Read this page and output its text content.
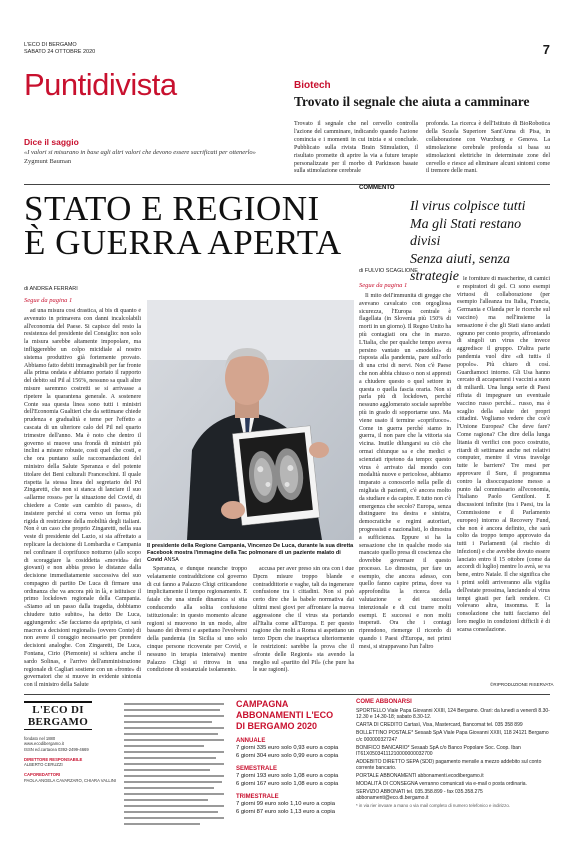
L'ECO DI BERGAMO
SABATO 24 OTTOBRE 2020	7
Puntidivista	Biotech
Trovato il segnale che aiuta a camminare
Dice il saggio
«I valori si misurano in base agli altri valori che devono essere sacrificati per ottenerlo»
Zygmunt Bauman

Trovato il segnale che nel cervello controlla l'azione del camminare, indicando quando l'azione comincia e i momenti in cui inizia e si conclude. Pubblicato sulla rivista Brain Stimulation, il risultato promette di aprire la via a future terapie personalizzate per il morbo di Parkinson basate sulla stimolazione cerebrale

profonda. La ricerca è dell'Istituto di BioRobotica della Scuola Superiore Sant'Anna di Pisa, in collaborazione con Wurzburg e Genova. La stimolazione cerebrale profonda si basa su stimolazioni elettriche in determinate zone del cervello e riesce ad eliminare alcuni sintomi come il tremore delle mani.

STATO E REGIONI
È GUERRA APERTA
di ANDREA FERRARI
Segue da pagina 1

ad una misura così drastica, al bis di quanto è avvenuto in primavera con danni incalcolabili all'economia del Paese. Si capisce del resto la resistenza del presidente del Consiglio: non solo la misura sarebbe altamente impopolare, ma infliggerebbe un colpo micidiale al nostro sistema produttivo già fortemente provato. Abbiamo fatto debiti immaginabili per far fronte alla prima ondata e abbiamo portato il rapporto del debito sul Pil al 156%, nessuno sa quali altre misure saremmo costretti se si arrivasse a ripetere la quarantena generale. A sostenere Conte sua questa linea sono tutti i ministri dell'Economia Gualtieri che da settimane chiede prudenza e gradualità e teme per l'effetto a cascata di un ulteriore calo del Pil nel quarto trimestre dell'anno. Ma è noto che dentro il governo si muove una frondà di ministri più inclini a misure robuste, costi quel che costi, e che ora puntano sulle raccomandazioni del ministro della Salute Speranza e del potente titolare dei Beni culturali Franceschini. Il quale rispetta la stessa linea del segretario del Pd Zingaretti, che non si stanca di lanciare il suo «allarme rosso» per la situazione del Covid, di chiedere a Conte «un cambio di passo», di insistere perché si corra verso un forma più rigida di restrizione della mobilità degli italiani. Non è un caso che proprio Zingaretti, nella sua veste di presidente del Lazio, si sia affrettato a replicare la decisione di Lombardia e Campania nel confinare il coprifuoco notturno (allo scopo di scoraggiare la cosiddetta «movida» dei giovani) e non abbia preso le distanze dalla decisione immediatamente successiva del suo compagno di partito De Luca di firmare una ordinanza che va ancora più in là, e istituisce il primo lockdown regionale della Campania. «Siamo ad un passo dalla tragedia, dobbiamo chiudere tutto subito», ha detto De Luca, aggiungendo: «Se facciamo da apripista, ci sarà macron a decisioni regionali» (ovvero Conte) di non avere il coraggio necessario per prendere decisioni analoghe. Con Zingaretti, De Luca, Fontana, Cirio (Piemonte) si schiera anche il sardo Solinas, e l'arrivo dell'amministrazione regionale di Cagliari sostiene con un «fronte» di governatori che si muove in evidente sintonia con il ministro della Salute

Il presidente della Regione Campania, Vincenzo De Luca, durante la sua diretta Facebook mostra l'immagine della Tac polmonare di un paziente malato di Covid ANSA

Speranza, e dunque neanche troppo velatamente contraddizione col governo di cui fanno a Palazzo Chigi criticandone implicitamente il tempo regionamento. E fatale che una simile dinamica si stia conducendo alla solita confusione istituzionale: in questo momento alcune regioni si muovono in un modo, altre basano dei diversi e aspettano l'evolversi della pandemia (in Sicilia si uno solo cinque persone ricoverate per Covid, e nessuno in terapia intensiva) mentre Palazzo Chigi si ritrova in una condizione di sostanziale isolamento.

accusa per aver preso sin ora con i due Dpcm misure troppo blande e contraddittorie e vaghe, tali da ingenerare confusione tra i cittadini. Non si può certo dire che la babele normativa dai ultimi mesi giovi per affrontare la nuova aggressione che il virus sta portando all'Italia come all'Europa. E per questo ragione che molti a Roma si aspettano un terzo Dpcm che inasprisca ulteriormente le restrizioni: sarebbe la prova che il «fronte delle Regioni» sta avendo la meglio sul «partito del Pil» (che pure ha le sue ragioni).

COMMENTO
Il virus colpisce tutti
Ma gli Stati restano divisi
Senza aiuti, senza strategie
di FULVIO SCAGLIONE
Segue da pagina 1

Il mito dell'immunità di gregge che avevano cavalcato con orgogliosa sicurezza, l'Europa centrale è flagellata (in Slovenia più 150% di morti in un giorno). Il Regno Unito ha più contagiati ora che in marzo. L'Italia, che per qualche tempo aveva persino vantato un «modello» di risposta alla pandemia, pare sull'orlo di una crisi di nervi. Non c'è Paese che non abbia chiuso o non si appresti a chiudere questo o quel settore in questa o quella fascia oraria. Non si parla più di lockdown, perché nessuno agglomerato sociale saprebbe più in grado di sopportarne uno. Ma viene usato il termine «coprifuoco». Come in guerra perché siamo in guerra, il non pare che la vittoria sia vicina. Inutile dilungarsi su ciò che ormai chiunque sa e che medici e scienziati ripetono da tempo: questo virus è arrivato dal mondo con modalità nuove e pericolose, abbiamo imparato a conoscerlo nella pelle di migliaia di pazienti, c'è ancora molto da studiare e da capire. E tutto non c'è emergenza che secolo? Europa, senza distinguere tra destra e sinistra, democratiche e regimi autoritari, progressisti e nazionalisti, lo dimostra a sufficienza. Eppure si ha la sensazione che in qualche modo sia mancato quello presa di coscienza che dovrebbe governare il questo processo. Lo dimostra, per fare un esempio, che ancora adesso, con quello fanno capire prima, dove va approfondita la ricerca della valutazione e dei successi intenzionale e di cui trarre molti esempi. E successi e non molti insperati. Ora che i contagi riprendono, riemerge il ricordo di quando i Paesi d'Europa, nei primi mesi, si strappavano l'un l'altro

le forniture di mascherine, di camici e respiratori di gel. Ci sono esempi virtuosi di collaborazione (per esempio l'alleanza tra Italia, Francia, Germania e Olanda per le ricerche sul vaccino) ma nell'insieme la sensazione è che gli Stati siano andati ognuno per conto proprio, affrontando di singoli un virus che invece aggredisce il gruppo. D'altra parte pandemia vuol dire «di tutti» il popolo». Più chiaro di così. Guardiamoci intorno. Gli Usa hanno cercato di accaparrarsi i vaccini a suon di miliardi. Una lunga serie di Paesi rifiuta di impegnare un eventuale vaccino russo perché... russo, ma è scaglio della salute dei propri cittadini. Vogliamo vedere che cos'è l'Unione Europea? Che deve fare? Come ragiona? Che dire della lunga litania di verifici con poco costrutto, ritardi di settimane anche nei relativi computer, mentre il virus travolge tutte le barriere? Tre mesi per approvare il Sure, il programma contro la disoccupazione messo a punto dal commissario all'economia, l'italiano Paolo Gentiloni. E discussioni infinite (tra i Paesi, tra la Commissione e il Parlamento europeo) intorno al Recovery Fund, che non è ancora definito, che sarà colto da troppo tempo approvato da tutti i Parlamenti (al rischio di infezioni) e che avrebbe dovuto essere lanciato entro il 15 ottobre (come da accordi di luglio) mentre lo avrà, se va bene, entro Natale. Il che significa che i primi soldi arriveranno alla vigilia dell'estate prossima, lanciando al virus tempi giusti per farli rendere. Ci volevano altra, insomma. E la consolazione che tutti facciamo del loro meglio in condizioni difficili è di scarsa consolazione.

©RIPRODUZIONE RISERVATA
L'ECO DI BERGAMO
fondato nel 1880
www.ecodibergamo.it
ISSN ed.cartacea 0392-2499-4669
DIRETTORE RESPONSABILE
ALBERTO CERUZZI
CAPOREDATTORI
PAOLA ANGELA CAVARZARO, CHIARA VALLINI
CAMPAGNA ABBONAMENTI L'ECO DI BERGAMO 2020
ANNUALE
7 giorni 335 euro solo 0,93 euro a copia
6 giorni 304 euro solo 0,99 euro a copia
SEMESTRALE
7 giorni 193 euro solo 1,08 euro a copia
6 giorni 167 euro solo 1,08 euro a copia
TRIMESTRALE
7 giorni 99 euro solo 1,10 euro a copia
6 giorni 87 euro solo 1,13 euro a copia
COME ABBONARSI
SPORTELLO Viale Papa Giovanni XXIII, 124 Bergamo. Orari: da lunedì a venerdì 8.30-12.30 e 14.30-18; sabato 8.30-12.
CARTA DI CREDITO Cartasì, Visa, Mastercard, Bancomat tel. 035 358 899
BOLLETTINO POSTALE* Sesaab SpA Viale Papa Giovanni XXIII, 118 24121 Bergamo c/c 000000327247
BONIFICO BANCARIO* Sesaab SpA c/o Banco Popolare Soc. Coop. Iban IT61X05034111210000000032700
ADDEBITO DIRETTO SEPA (SDD) pagamento mensile a mezzo addebito sul conto corrente bancario.
PORTALE ABBONAMENTI abbonamenti.ecodibergamo.it
MODALITÀ DI CONSEGNA verranno comunicati via e-mail o posta ordinaria.
SERVIZIO ABBONATI tel. 035.358.899 - fax 035.358.275 abbonamenti@eco.di.bergamo.it
* in via rier invoare a mano o via mail completo di numero telefonico e indirizzo.
